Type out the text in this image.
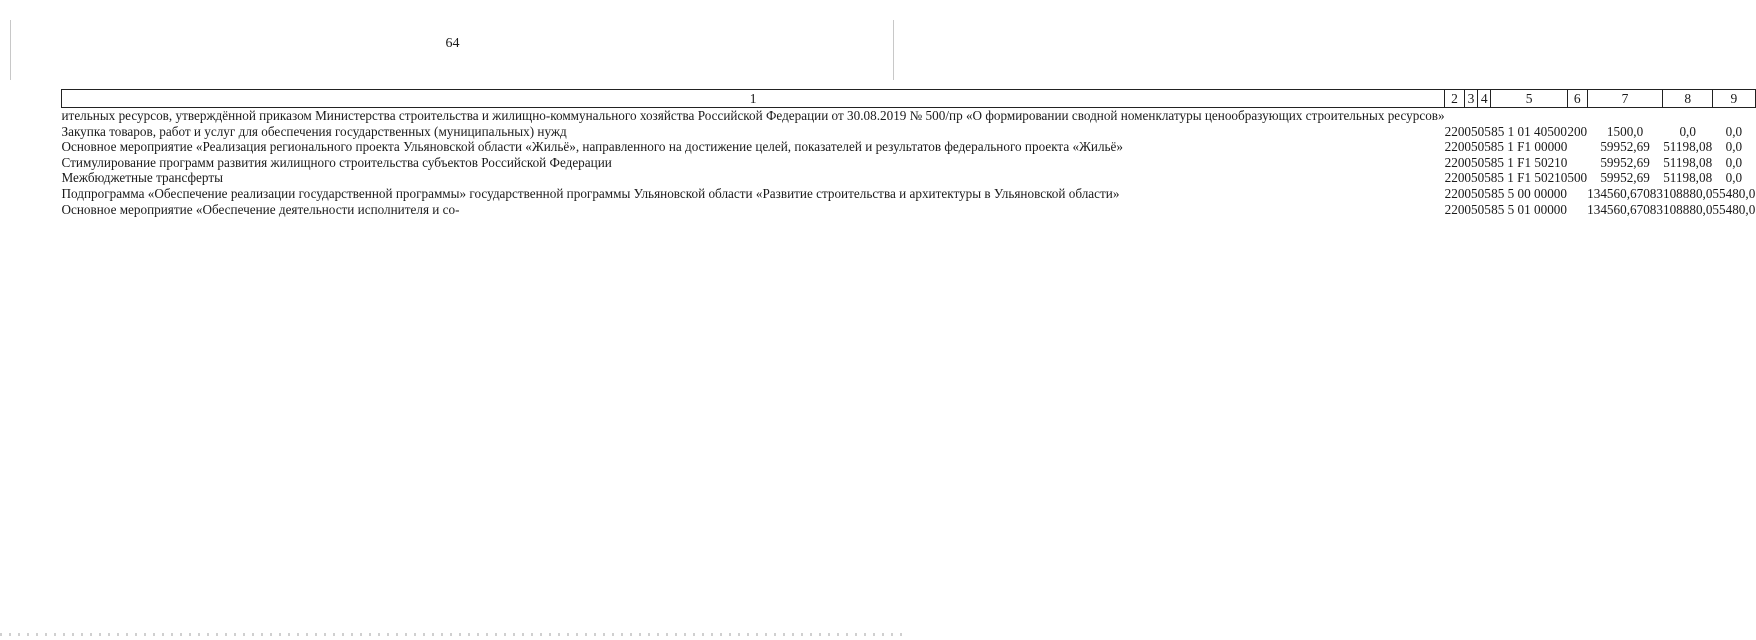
64
1	2	3	4	5	6	7	8	9
ительных ресурсов, утверждённой приказом Министерства строительства и жилищно-коммунального хозяйства Российской Федерации от 30.08.2019 № 500/пр «О формировании сводной номенклатуры ценообразующих строительных ресурсов»								
Закупка товаров, работ и услуг для обеспечения государственных (муниципальных) нужд	220	05	05	85 1 01 40500	200	1500,0	0,0	0,0
Основное мероприятие «Реализация регионального проекта Ульяновской области «Жильё», направленного на достижение целей, показателей и результатов федерального проекта «Жильё»	220	05	05	85 1 F1 00000		59952,69	51198,08	0,0
Стимулирование программ развития жилищного строительства субъектов Российской Федерации	220	05	05	85 1 F1 50210		59952,69	51198,08	0,0
Межбюджетные трансферты	220	05	05	85 1 F1 50210	500	59952,69	51198,08	0,0
Подпрограмма «Обеспечение реализации государственной программы» государственной программы Ульяновской области «Развитие строительства и архитектуры в Ульяновской области»	220	05	05	85 5 00 00000		134560,67083	108880,0	55480,0
Основное мероприятие «Обеспечение деятельности исполнителя и со-	220	05	05	85 5 01 00000		134560,67083	108880,0	55480,0
